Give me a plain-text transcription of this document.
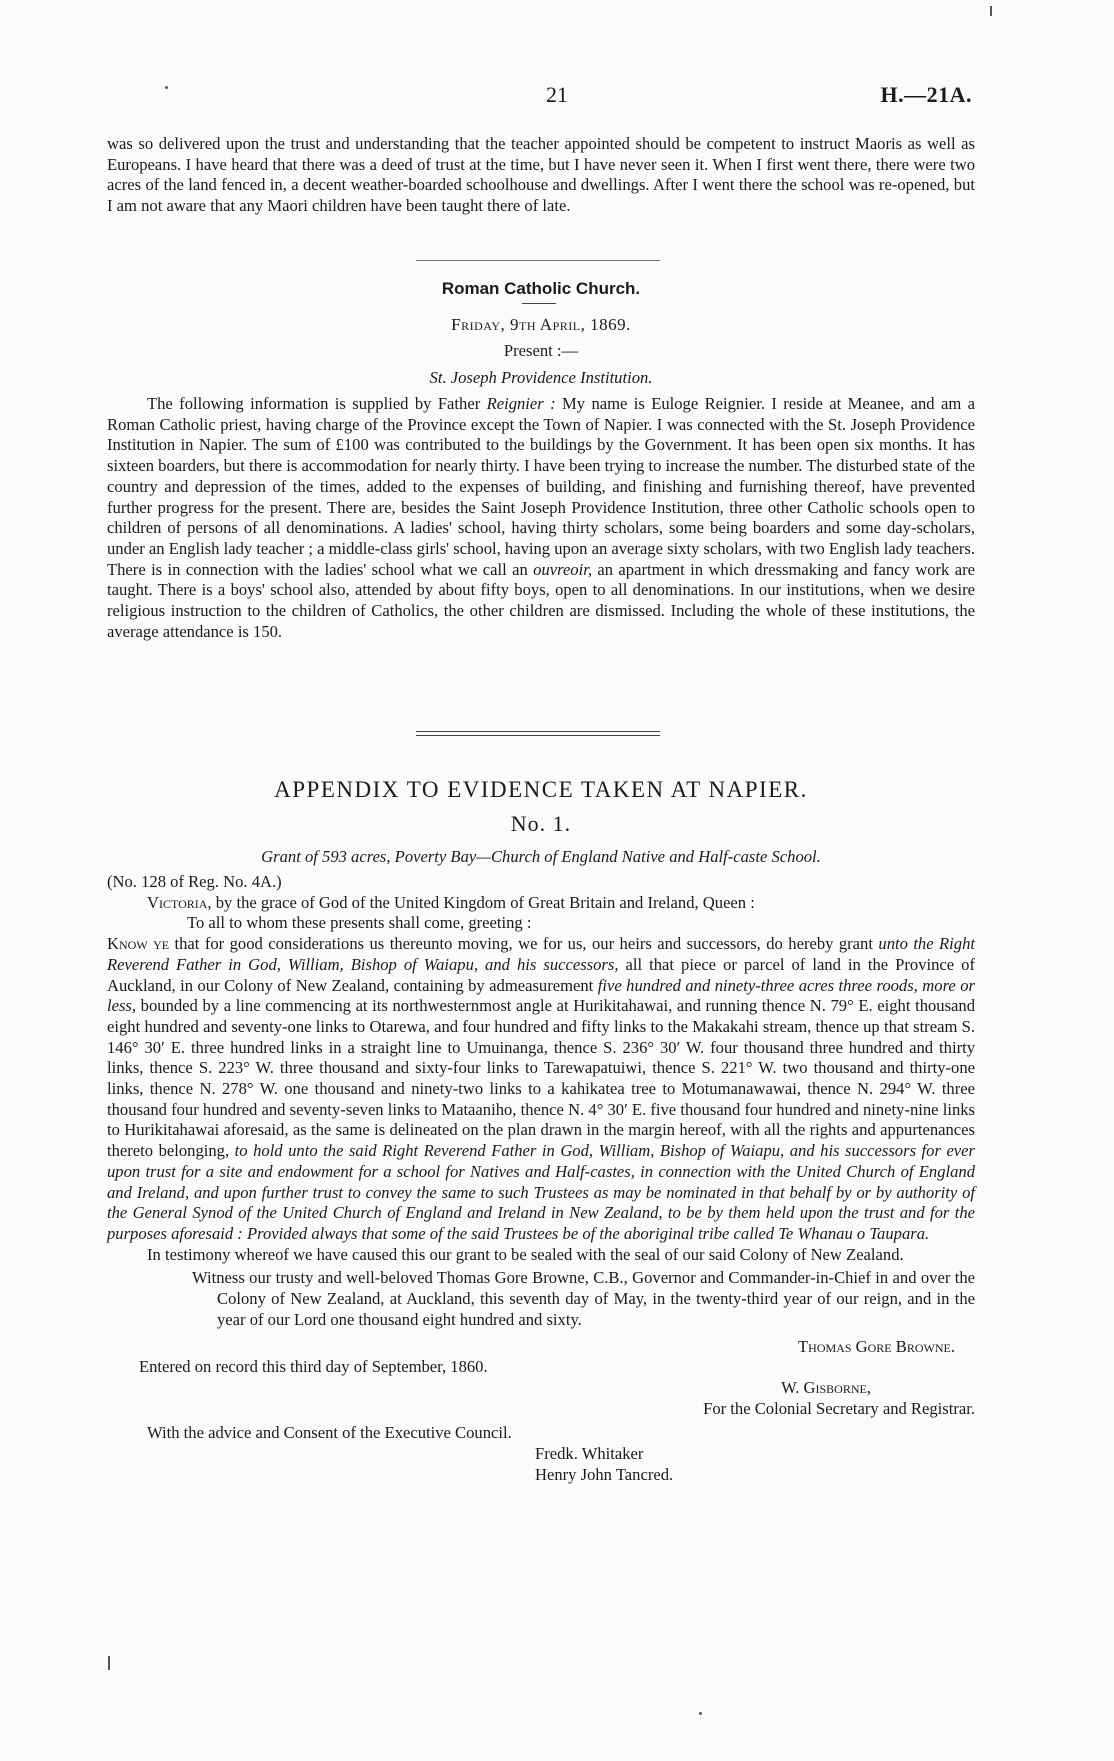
21	H.—21A.

was so delivered upon the trust and understanding that the teacher appointed should be competent to instruct Maoris as well as Europeans. I have heard that there was a deed of trust at the time, but I have never seen it. When I first went there, there were two acres of the land fenced in, a decent weather-boarded schoolhouse and dwellings. After I went there the school was re-opened, but I am not aware that any Maori children have been taught there of late.

Roman Catholic Church.
Friday, 9th April, 1869.
Present :—
St. Joseph Providence Institution.

The following information is supplied by Father Reignier : My name is Euloge Reignier. I reside at Meanee, and am a Roman Catholic priest, having charge of the Province except the Town of Napier. I was connected with the St. Joseph Providence Institution in Napier. The sum of £100 was contributed to the buildings by the Government. It has been open six months. It has sixteen boarders, but there is accommodation for nearly thirty. I have been trying to increase the number. The disturbed state of the country and depression of the times, added to the expenses of building, and finishing and furnishing thereof, have prevented further progress for the present. There are, besides the Saint Joseph Providence Institution, three other Catholic schools open to children of persons of all denominations. A ladies' school, having thirty scholars, some being boarders and some day-scholars, under an English lady teacher ; a middle-class girls' school, having upon an average sixty scholars, with two English lady teachers. There is in connection with the ladies' school what we call an ouvreoir, an apartment in which dressmaking and fancy work are taught. There is a boys' school also, attended by about fifty boys, open to all denominations. In our institutions, when we desire religious instruction to the children of Catholics, the other children are dismissed. Including the whole of these institutions, the average attendance is 150.

APPENDIX TO EVIDENCE TAKEN AT NAPIER.
No. 1.
Grant of 593 acres, Poverty Bay—Church of England Native and Half-caste School.

(No. 128 of Reg. No. 4A.)

Victoria, by the grace of God of the United Kingdom of Great Britain and Ireland, Queen :

To all to whom these presents shall come, greeting :

Know ye that for good considerations us thereunto moving, we for us, our heirs and successors, do hereby grant unto the Right Reverend Father in God, William, Bishop of Waiapu, and his successors, all that piece or parcel of land in the Province of Auckland, in our Colony of New Zealand, containing by admeasurement five hundred and ninety-three acres three roods, more or less, bounded by a line commencing at its northwesternmost angle at Hurikitahawai, and running thence N. 79° E. eight thousand eight hundred and seventy-one links to Otarewa, and four hundred and fifty links to the Makakahi stream, thence up that stream S. 146° 30′ E. three hundred links in a straight line to Umuinanga, thence S. 236° 30′ W. four thousand three hundred and thirty links, thence S. 223° W. three thousand and sixty-four links to Tarewapatuiwi, thence S. 221° W. two thousand and thirty-one links, thence N. 278° W. one thousand and ninety-two links to a kahikatea tree to Motumanawawai, thence N. 294° W. three thousand four hundred and seventy-seven links to Mataaniho, thence N. 4° 30′ E. five thousand four hundred and ninety-nine links to Hurikitahawai aforesaid, as the same is delineated on the plan drawn in the margin hereof, with all the rights and appurtenances thereto belonging, to hold unto the said Right Reverend Father in God, William, Bishop of Waiapu, and his successors for ever upon trust for a site and endowment for a school for Natives and Half-castes, in connection with the United Church of England and Ireland, and upon further trust to convey the same to such Trustees as may be nominated in that behalf by or by authority of the General Synod of the United Church of England and Ireland in New Zealand, to be by them held upon the trust and for the purposes aforesaid : Provided always that some of the said Trustees be of the aboriginal tribe called Te Whanau o Taupara.

In testimony whereof we have caused this our grant to be sealed with the seal of our said Colony of New Zealand.

Witness our trusty and well-beloved Thomas Gore Browne, C.B., Governor and Commander-in-Chief in and over the Colony of New Zealand, at Auckland, this seventh day of May, in the twenty-third year of our reign, and in the year of our Lord one thousand eight hundred and sixty.

Thomas Gore Browne.

Entered on record this third day of September, 1860.

W. Gisborne,

For the Colonial Secretary and Registrar.

With the advice and Consent of the Executive Council.

Fredk. Whitaker

Henry John Tancred.
